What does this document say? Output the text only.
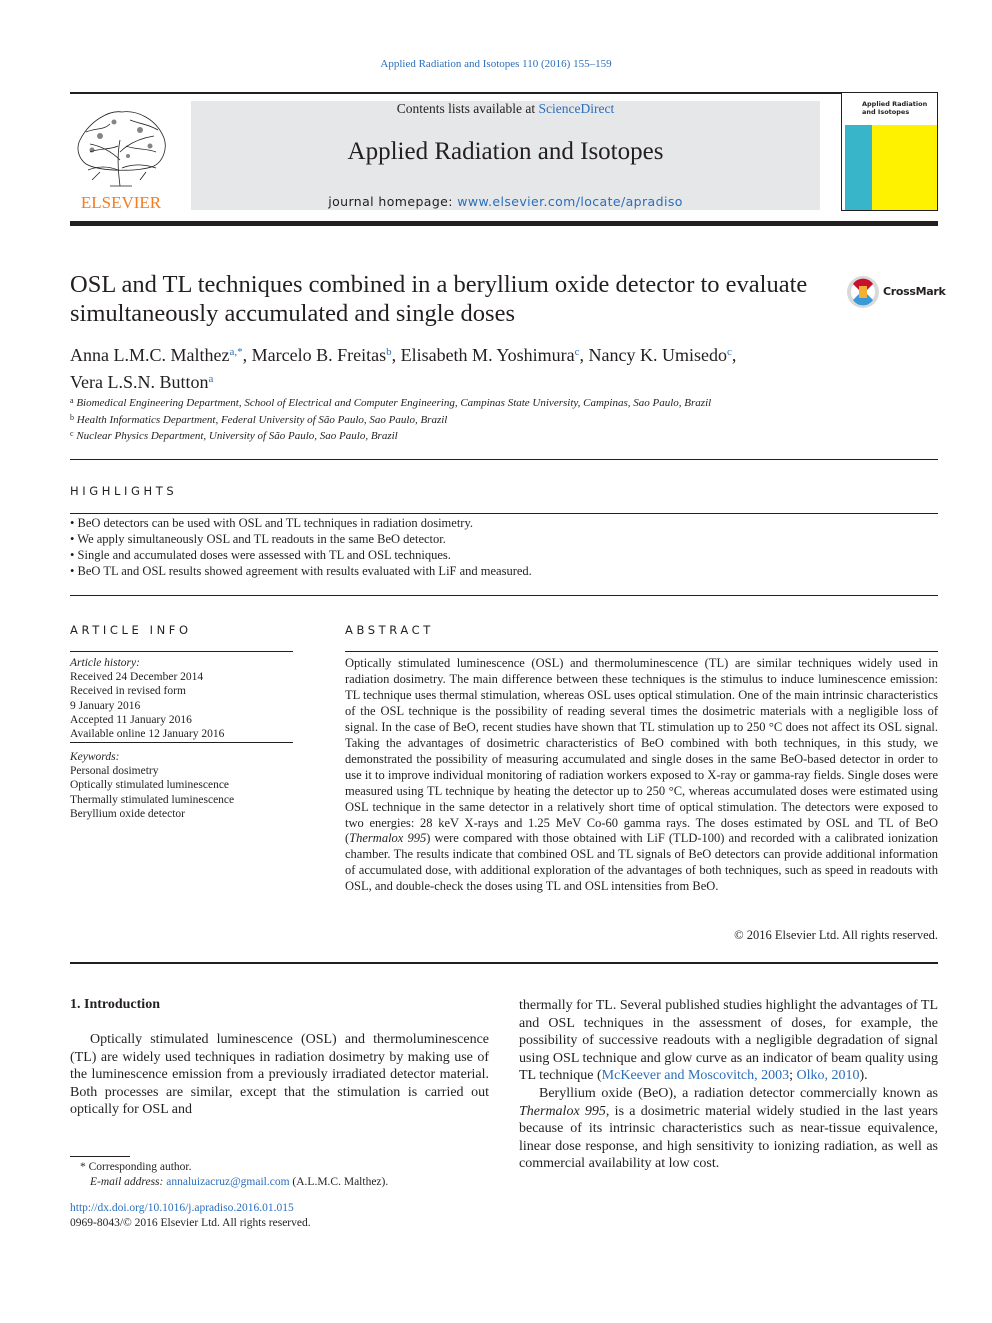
Applied Radiation and Isotopes 110 (2016) 155–159
ELSEVIER
Contents lists available at ScienceDirect
Applied Radiation and Isotopes
journal homepage: www.elsevier.com/locate/apradiso
Applied Radiation and Isotopes
OSL and TL techniques combined in a beryllium oxide detector to evaluate simultaneously accumulated and single doses
CrossMark
Anna L.M.C. Malthez$^{a,*}$, Marcelo B. Freitas$^b$, Elisabeth M. Yoshimura$^c$, Nancy K. Umisedo$^c$,
Vera L.S.N. Button$^a$
$^a$ Biomedical Engineering Department, School of Electrical and Computer Engineering, Campinas State University, Campinas, Sao Paulo, Brazil
$^b$ Health Informatics Department, Federal University of São Paulo, Sao Paulo, Brazil
$^c$ Nuclear Physics Department, University of São Paulo, Sao Paulo, Brazil
HIGHLIGHTS
• BeO detectors can be used with OSL and TL techniques in radiation dosimetry.
• We apply simultaneously OSL and TL readouts in the same BeO detector.
• Single and accumulated doses were assessed with TL and OSL techniques.
• BeO TL and OSL results showed agreement with results evaluated with LiF and measured.
ARTICLE INFO
Article history:
Received 24 December 2014
Received in revised form
9 January 2016
Accepted 11 January 2016
Available online 12 January 2016
Keywords:
Personal dosimetry
Optically stimulated luminescence
Thermally stimulated luminescence
Beryllium oxide detector
ABSTRACT
Optically stimulated luminescence (OSL) and thermoluminescence (TL) are similar techniques widely used in radiation dosimetry. The main difference between these techniques is the stimulus to induce luminescence emission: TL technique uses thermal stimulation, whereas OSL uses optical stimulation. One of the main intrinsic characteristics of the OSL technique is the possibility of reading several times the dosimetric materials with a negligible loss of signal. In the case of BeO, recent studies have shown that TL stimulation up to 250 °C does not affect its OSL signal. Taking the advantages of dosimetric characteristics of BeO combined with both techniques, in this study, we demonstrated the possibility of measuring accumulated and single doses in the same BeO-based detector in order to use it to improve individual monitoring of radiation workers exposed to X-ray or gamma-ray fields. Single doses were measured using TL technique by heating the detector up to 250 °C, whereas accumulated doses were estimated using OSL technique in the same detector in a relatively short time of optical stimulation. The detectors were exposed to two energies: 28 keV X-rays and 1.25 MeV Co-60 gamma rays. The doses estimated by OSL and TL of BeO (Thermalox 995) were compared with those obtained with LiF (TLD-100) and recorded with a calibrated ionization chamber. The results indicate that combined OSL and TL signals of BeO detectors can provide additional information of accumulated dose, with additional exploration of the advantages of both techniques, such as speed in readouts with OSL, and double-check the doses using TL and OSL intensities from BeO.
© 2016 Elsevier Ltd. All rights reserved.
1. Introduction
Optically stimulated luminescence (OSL) and thermoluminescence (TL) are widely used techniques in radiation dosimetry by making use of the luminescence emission from a previously irradiated detector material. Both processes are similar, except that the stimulation is carried out optically for OSL and
thermally for TL. Several published studies highlight the advantages of TL and OSL techniques in the assessment of doses, for example, the possibility of successive readouts with a negligible degradation of signal using OSL technique and glow curve as an indicator of beam quality using TL technique (McKeever and Moscovitch, 2003; Olko, 2010).
Beryllium oxide (BeO), a radiation detector commercially known as Thermalox 995, is a dosimetric material widely studied in the last years because of its intrinsic characteristics such as near-tissue equivalence, linear dose response, and high sensitivity to ionizing radiation, as well as commercial availability at low cost.
* Corresponding author.
E-mail address: annaluizacruz@gmail.com (A.L.M.C. Malthez).
http://dx.doi.org/10.1016/j.apradiso.2016.01.015
0969-8043/© 2016 Elsevier Ltd. All rights reserved.
